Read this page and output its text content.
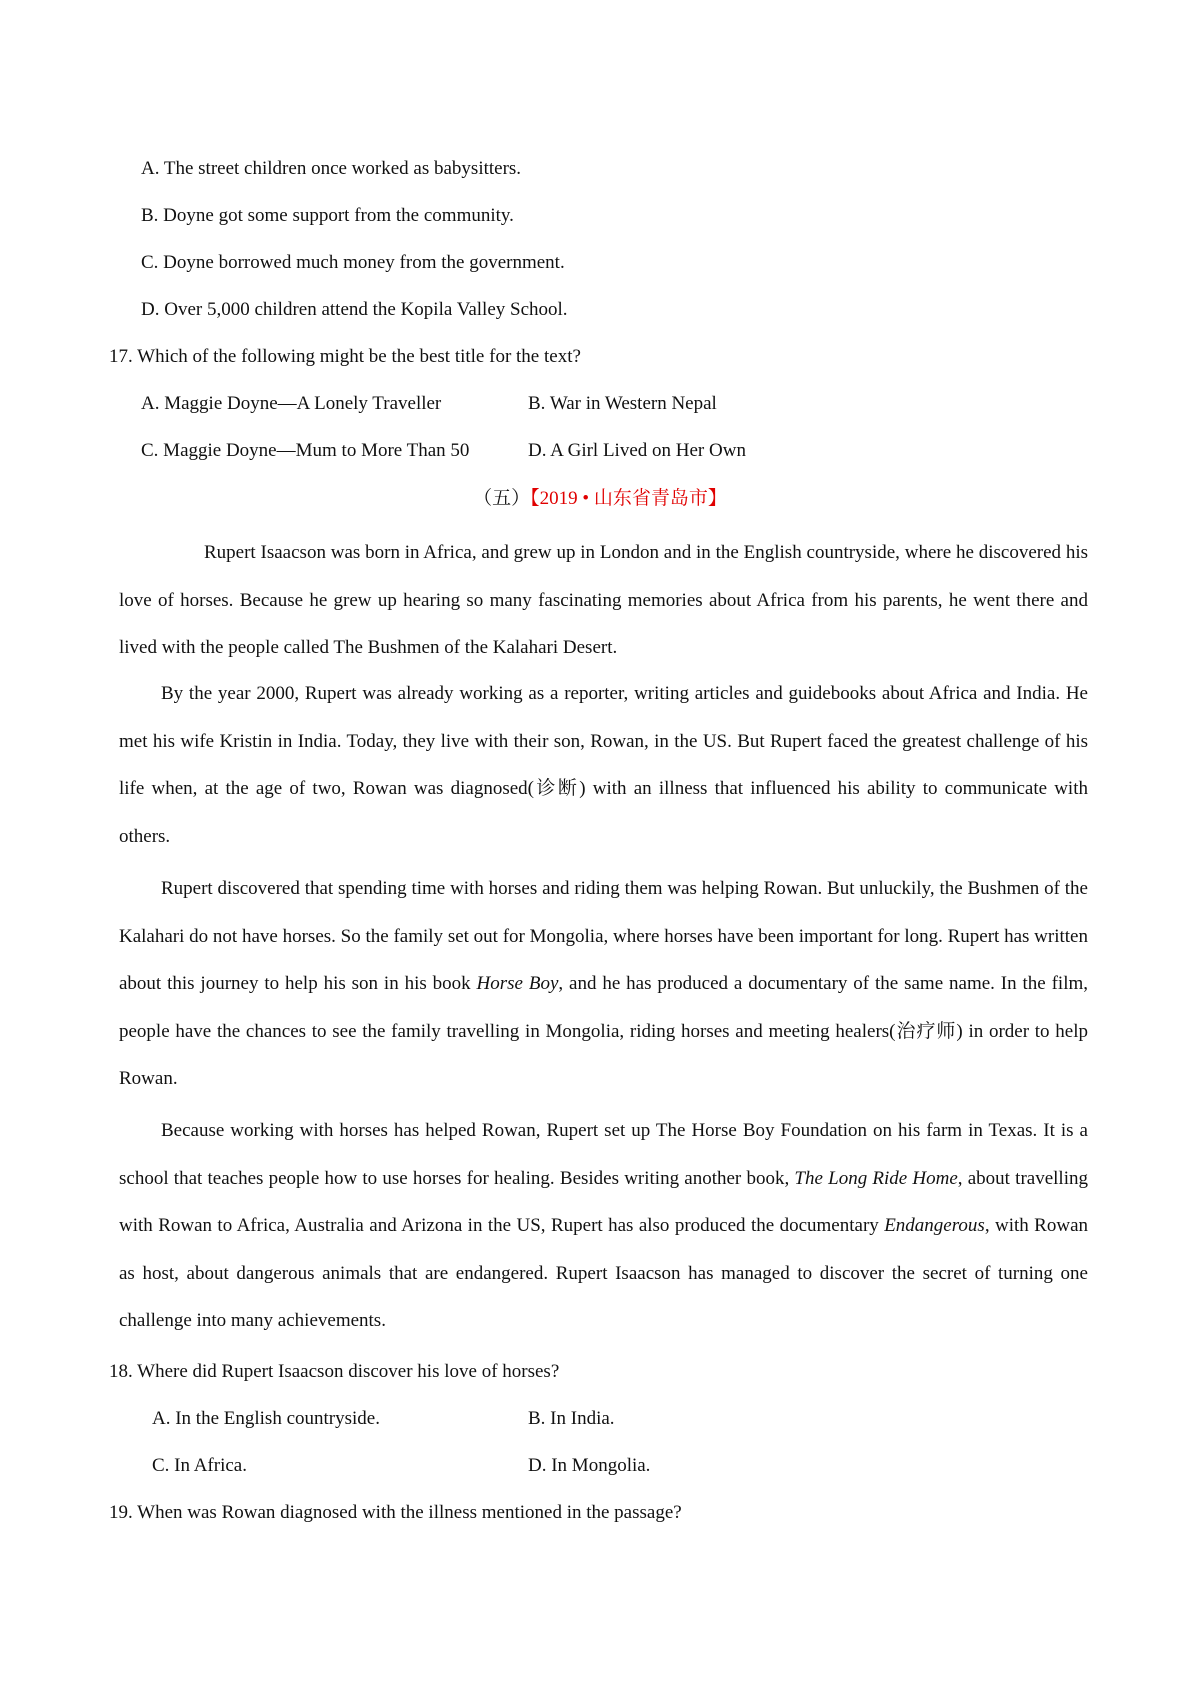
A. The street children once worked as babysitters.
B. Doyne got some support from the community.
C. Doyne borrowed much money from the government.
D. Over 5,000 children attend the Kopila Valley School.
17. Which of the following might be the best title for the text?
A. Maggie Doyne—A Lonely Traveller	B. War in Western Nepal
C. Maggie Doyne—Mum to More Than 50	D. A Girl Lived on Her Own
（五）【2019 • 山东省青岛市】

Rupert Isaacson was born in Africa, and grew up in London and in the English countryside, where he discovered his love of horses. Because he grew up hearing so many fascinating memories about Africa from his parents, he went there and lived with the people called The Bushmen of the Kalahari Desert.

By the year 2000, Rupert was already working as a reporter, writing articles and guidebooks about Africa and India. He met his wife Kristin in India. Today, they live with their son, Rowan, in the US. But Rupert faced the greatest challenge of his life when, at the age of two, Rowan was diagnosed(诊断) with an illness that influenced his ability to communicate with others.

Rupert discovered that spending time with horses and riding them was helping Rowan. But unluckily, the Bushmen of the Kalahari do not have horses. So the family set out for Mongolia, where horses have been important for long. Rupert has written about this journey to help his son in his book Horse Boy, and he has produced a documentary of the same name. In the film, people have the chances to see the family travelling in Mongolia, riding horses and meeting healers(治疗师) in order to help Rowan.

Because working with horses has helped Rowan, Rupert set up The Horse Boy Foundation on his farm in Texas. It is a school that teaches people how to use horses for healing. Besides writing another book, The Long Ride Home, about travelling with Rowan to Africa, Australia and Arizona in the US, Rupert has also produced the documentary Endangerous, with Rowan as host, about dangerous animals that are endangered. Rupert Isaacson has managed to discover the secret of turning one challenge into many achievements.

18. Where did Rupert Isaacson discover his love of horses?
A. In the English countryside.	B. In India.
C. In Africa.	D. In Mongolia.
19. When was Rowan diagnosed with the illness mentioned in the passage?
